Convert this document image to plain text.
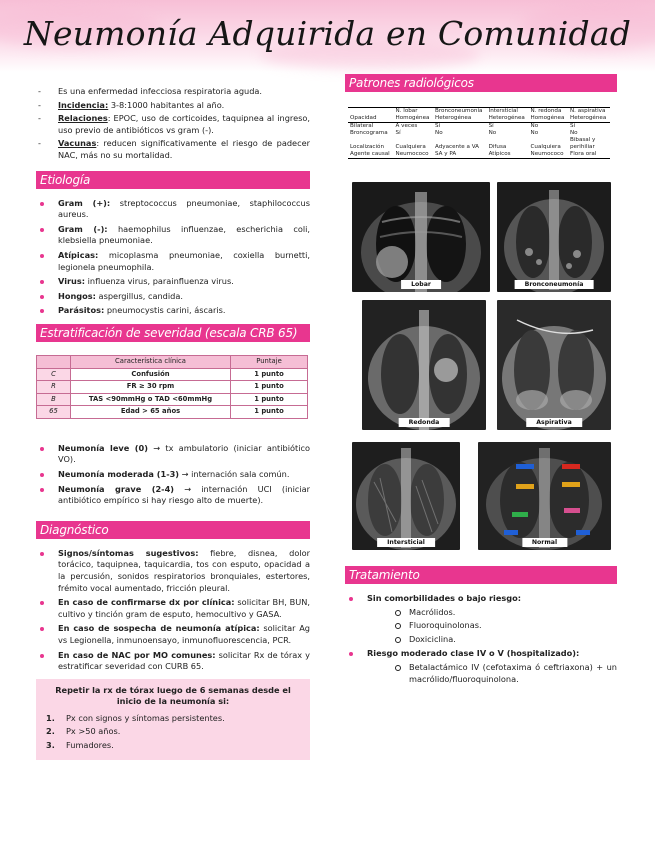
Neumonía Adquirida en Comunidad
- Es una enfermedad infecciosa respiratoria aguda.
- Incidencia: 3-8:1000 habitantes al año.
- Relaciones: EPOC, uso de corticoides, taquipnea al ingreso, uso previo de antibióticos vs gram (-).
- Vacunas: reducen significativamente el riesgo de padecer NAC, más no su mortalidad.
Etiología
Gram (+): streptococcus pneumoniae, staphilococcus aureus.
Gram (-): haemophilus influenzae, escherichia coli, klebsiella pneumoniae.
Atípicas: micoplasma pneumoniae, coxiella burnetti, legionela pneumophila.
Virus: influenza virus, parainfluenza virus.
Hongos: aspergillus, candida.
Parásitos: pneumocystis carini, áscaris.
Estratificación de severidad (escala CRB 65)
	Característica clínica	Puntaje
C	Confusión	1 punto
R	FR ≥ 30 rpm	1 punto
B	TAS <90mmHg o TAD <60mmHg	1 punto
65	Edad > 65 años	1 punto
Neumonía leve (0) → tx ambulatorio (iniciar antibiótico VO).
Neumonía moderada (1-3) → internación sala común.
Neumonía grave (2-4) → internación UCI (iniciar antibiótico empírico si hay riesgo alto de muerte).
Diagnóstico
Signos/síntomas sugestivos: fiebre, disnea, dolor torácico, taquipnea, taquicardia, tos con esputo, opacidad a la percusión, sonidos respiratorios bronquiales, estertores, frémito vocal aumentado, fricción pleural.
En caso de confirmarse dx por clínica: solicitar BH, BUN, cultivo y tinción gram de esputo, hemocultivo y GASA.
En caso de sospecha de neumonía atípica: solicitar Ag vs Legionella, inmunoensayo, inmunofluorescencia, PCR.
En caso de NAC por MO comunes: solicitar Rx de tórax y estratificar severidad con CURB 65.
Repetir la rx de tórax luego de 6 semanas desde el inicio de la neumonía si:
1. Px con signos y síntomas persistentes.
2. Px >50 años.
3. Fumadores.
Patrones radiológicos
	N. lobar	Bronconeumonía	Intersticial	N. redonda	N. aspirativa
Opacidad	Homogénea	Heterogénea	Heterogénea	Homogénea	Heterogénea
Bilateral	A veces	Sí	Sí	No	Sí
Broncograma	Sí	No	No	No	No
					Bibasal y
Localización	Cualquiera	Adyacente a VA	Difusa	Cualquiera	perihiliar
Agente causal	Neumococo	SA y PA	Atípicos	Neumococo	Flora oral
Lobar	Bronconeumonía
Redonda	Aspirativa
Intersticial	Normal
Tratamiento
Sin comorbilidades o bajo riesgo:
Macrólidos.
Fluoroquinolonas.
Doxiciclina.
Riesgo moderado clase IV o V (hospitalizado):
Betalactámico IV (cefotaxima ó ceftriaxona) + un macrólido/fluoroquinolona.
